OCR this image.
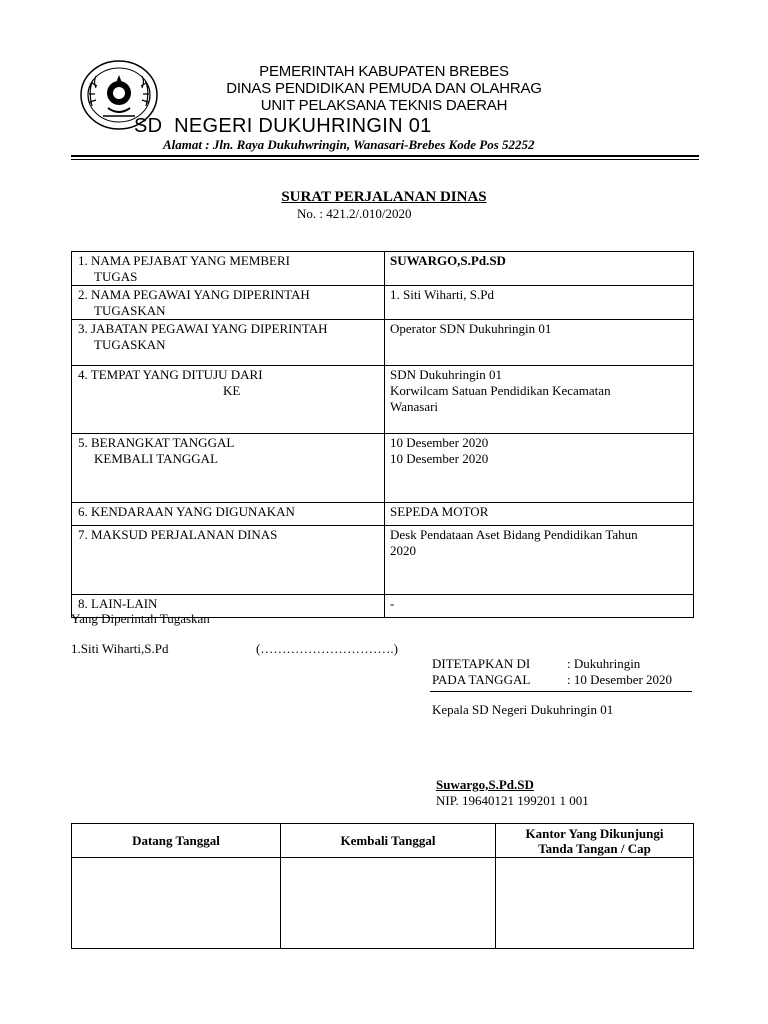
PEMERINTAH KABUPATEN BREBES
DINAS PENDIDIKAN PEMUDA DAN OLAHRAG
UNIT PELAKSANA TEKNIS DAERAH
SD  NEGERI DUKUHRINGIN 01
Alamat : Jln. Raya Dukuhwringin, Wanasari-Brebes Kode Pos 52252
SURAT PERJALANAN DINAS
No. : 421.2/.010/2020
1. NAMA PEJABAT YANG MEMBERI
TUGAS	SUWARGO,S.Pd.SD
2. NAMA PEGAWAI YANG DIPERINTAH
TUGASKAN	1. Siti Wiharti, S.Pd
3. JABATAN PEGAWAI YANG DIPERINTAH
TUGASKAN	Operator SDN Dukuhringin 01
4. TEMPAT YANG DITUJU DARI
KE	SDN Dukuhringin 01
Korwilcam Satuan Pendidikan Kecamatan
Wanasari
5. BERANGKAT TANGGAL
KEMBALI TANGGAL	10 Desember 2020
10 Desember 2020
6. KENDARAAN YANG DIGUNAKAN	SEPEDA MOTOR
7. MAKSUD PERJALANAN DINAS	Desk Pendataan Aset Bidang Pendidikan Tahun
2020
8. LAIN-LAIN	-
Yang Diperintah Tugaskan
1.Siti Wiharti,S.Pd	(………………………….)
DITETAPKAN DI	: Dukuhringin
PADA TANGGAL	: 10 Desember 2020
Kepala SD Negeri Dukuhringin 01
Suwargo,S.Pd.SD
NIP. 19640121 199201 1 001
Datang Tanggal	Kembali Tanggal	Kantor Yang Dikunjungi
Tanda Tangan / Cap
